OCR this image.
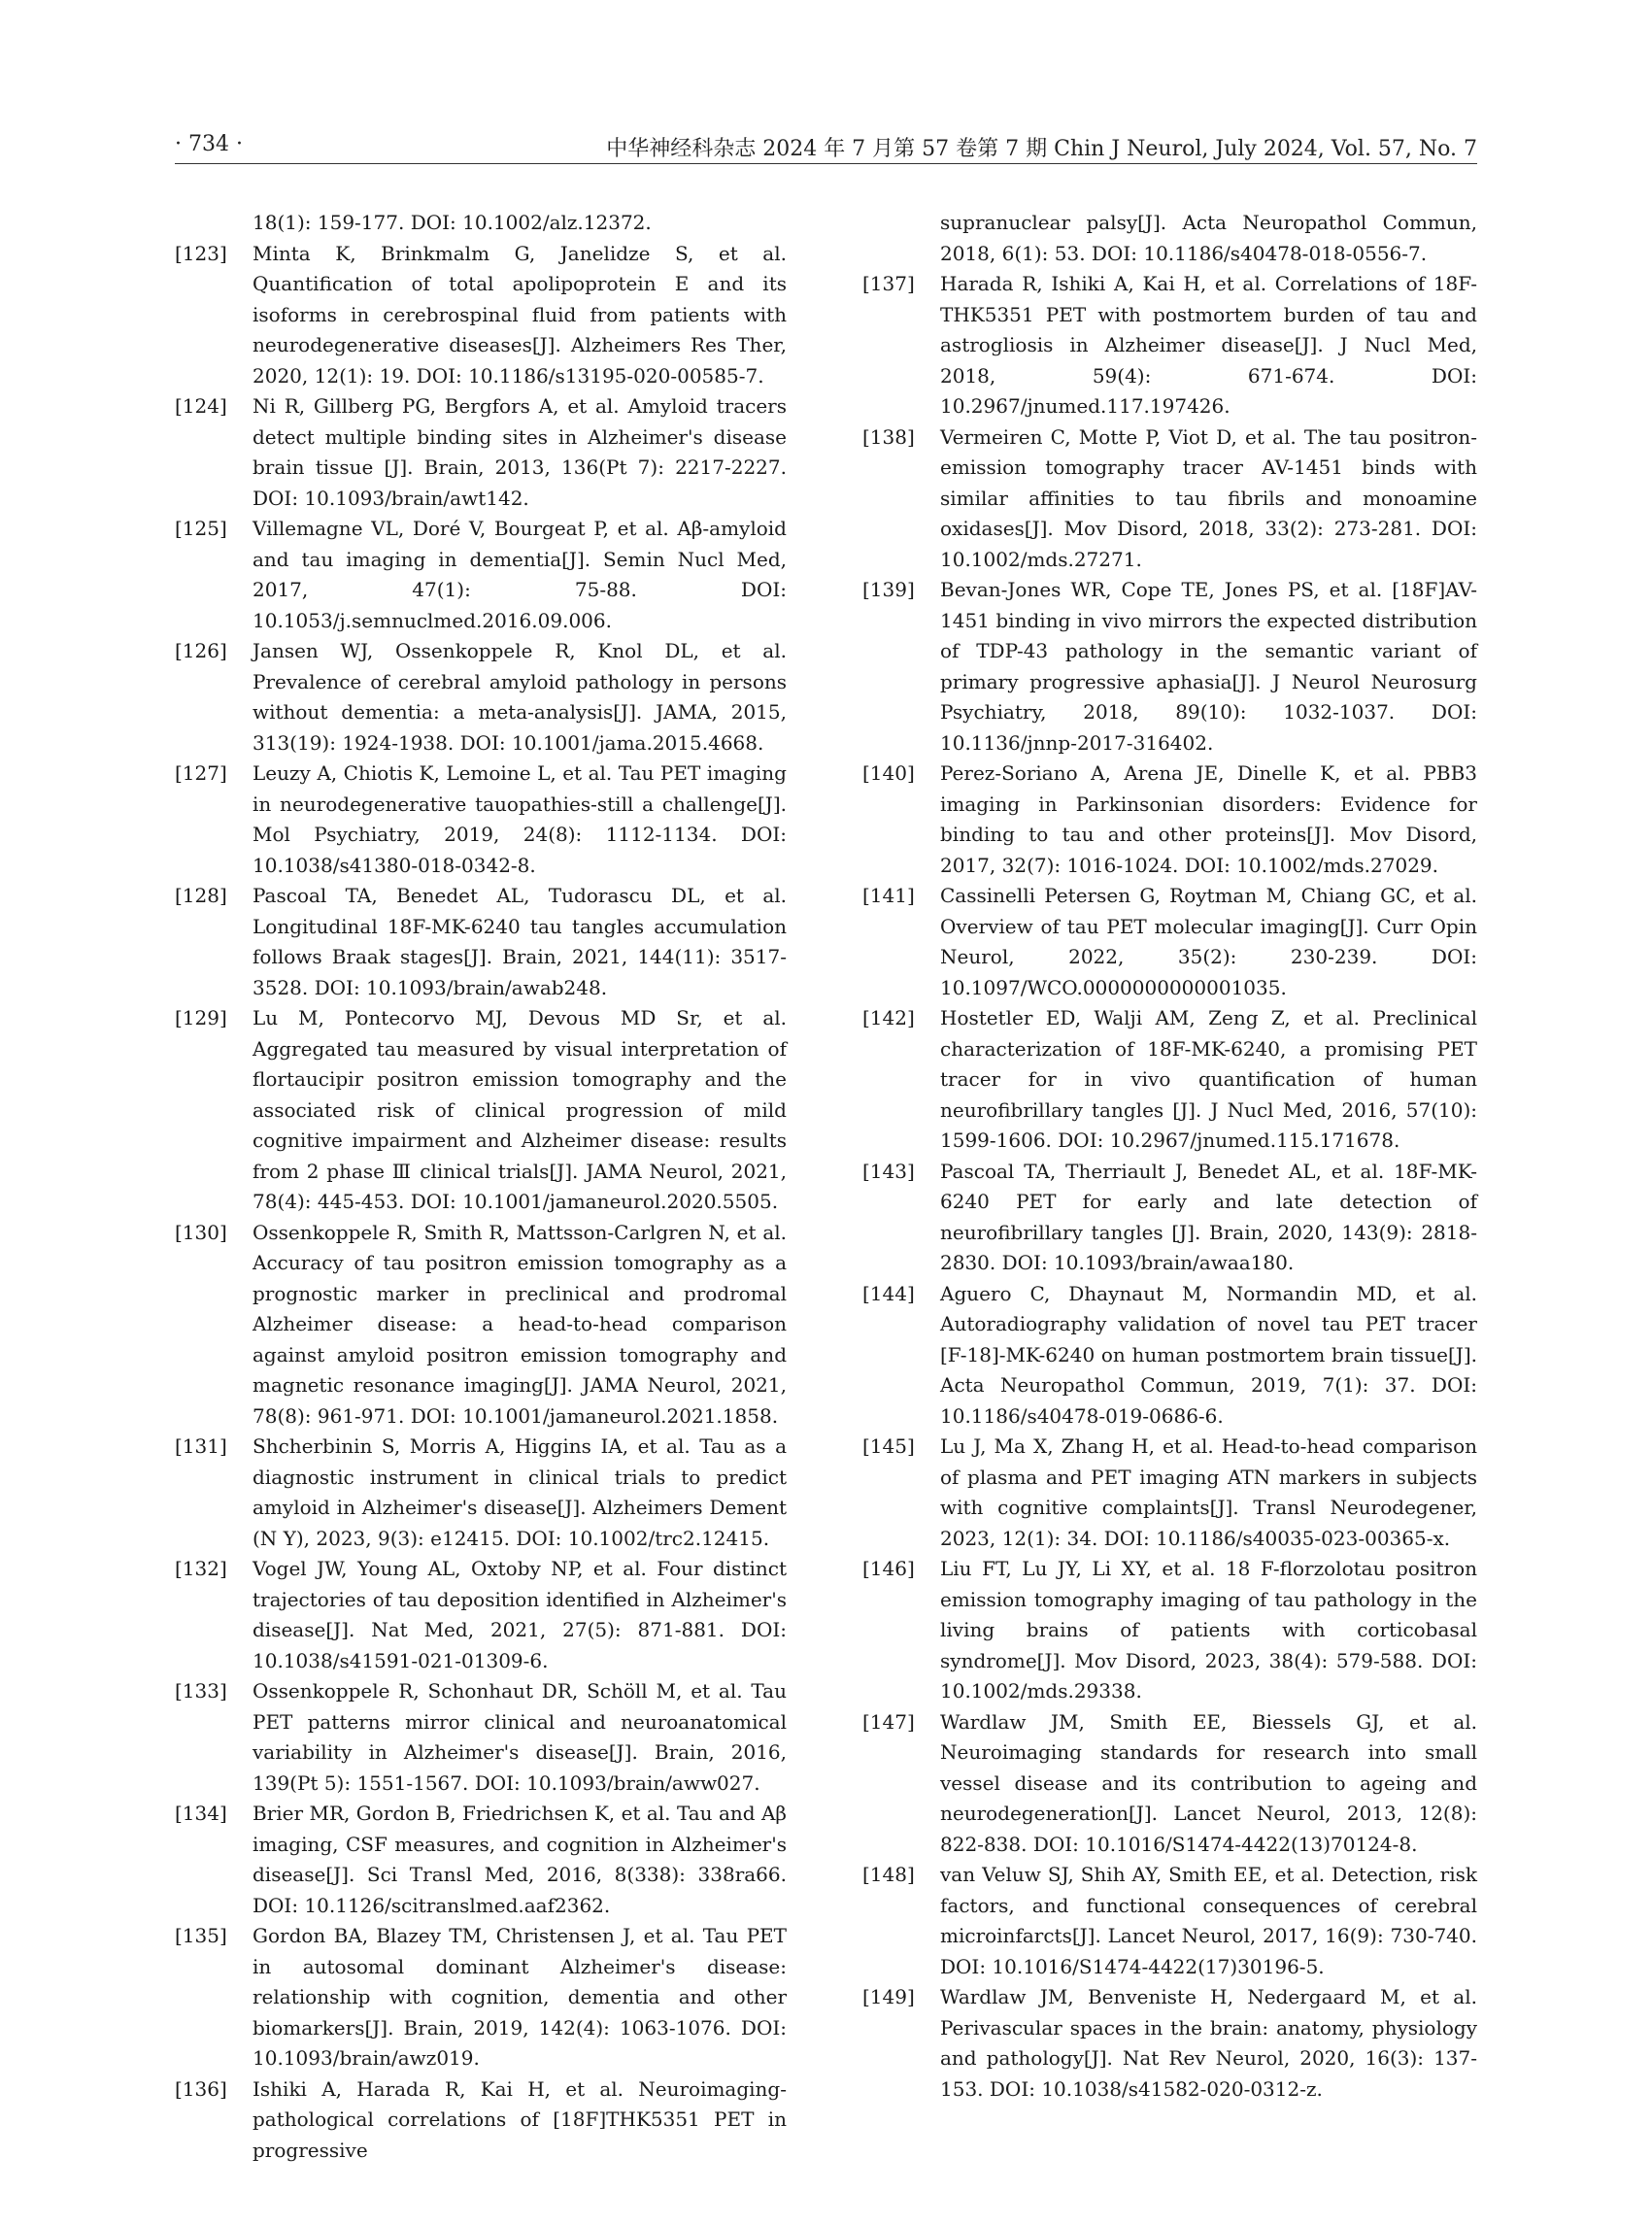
· 734 ·	中华神经科杂志 2024 年 7 月第 57 卷第 7 期 Chin J Neurol, July 2024, Vol. 57, No. 7
18(1): 159-177. DOI: 10.1002/alz.12372.
[123]	Minta K, Brinkmalm G, Janelidze S, et al. Quantification of total apolipoprotein E and its isoforms in cerebrospinal fluid from patients with neurodegenerative diseases[J]. Alzheimers Res Ther, 2020, 12(1): 19. DOI: 10.1186/s13195-020-00585-7.
[124]	Ni R, Gillberg PG, Bergfors A, et al. Amyloid tracers detect multiple binding sites in Alzheimer's disease brain tissue [J]. Brain, 2013, 136(Pt 7): 2217-2227. DOI: 10.1093/brain/awt142.
[125]	Villemagne VL, Doré V, Bourgeat P, et al. Aβ-amyloid and tau imaging in dementia[J]. Semin Nucl Med, 2017, 47(1): 75-88. DOI: 10.1053/j.semnuclmed.2016.09.006.
[126]	Jansen WJ, Ossenkoppele R, Knol DL, et al. Prevalence of cerebral amyloid pathology in persons without dementia: a meta-analysis[J]. JAMA, 2015, 313(19): 1924-1938. DOI: 10.1001/jama.2015.4668.
[127]	Leuzy A, Chiotis K, Lemoine L, et al. Tau PET imaging in neurodegenerative tauopathies-still a challenge[J]. Mol Psychiatry, 2019, 24(8): 1112-1134. DOI: 10.1038/s41380-018-0342-8.
[128]	Pascoal TA, Benedet AL, Tudorascu DL, et al. Longitudinal 18F-MK-6240 tau tangles accumulation follows Braak stages[J]. Brain, 2021, 144(11): 3517-3528. DOI: 10.1093/brain/awab248.
[129]	Lu M, Pontecorvo MJ, Devous MD Sr, et al. Aggregated tau measured by visual interpretation of flortaucipir positron emission tomography and the associated risk of clinical progression of mild cognitive impairment and Alzheimer disease: results from 2 phase Ⅲ clinical trials[J]. JAMA Neurol, 2021, 78(4): 445-453. DOI: 10.1001/jamaneurol.2020.5505.
[130]	Ossenkoppele R, Smith R, Mattsson-Carlgren N, et al. Accuracy of tau positron emission tomography as a prognostic marker in preclinical and prodromal Alzheimer disease: a head-to-head comparison against amyloid positron emission tomography and magnetic resonance imaging[J]. JAMA Neurol, 2021, 78(8): 961-971. DOI: 10.1001/jamaneurol.2021.1858.
[131]	Shcherbinin S, Morris A, Higgins IA, et al. Tau as a diagnostic instrument in clinical trials to predict amyloid in Alzheimer's disease[J]. Alzheimers Dement (N Y), 2023, 9(3): e12415. DOI: 10.1002/trc2.12415.
[132]	Vogel JW, Young AL, Oxtoby NP, et al. Four distinct trajectories of tau deposition identified in Alzheimer's disease[J]. Nat Med, 2021, 27(5): 871-881. DOI: 10.1038/s41591-021-01309-6.
[133]	Ossenkoppele R, Schonhaut DR, Schöll M, et al. Tau PET patterns mirror clinical and neuroanatomical variability in Alzheimer's disease[J]. Brain, 2016, 139(Pt 5): 1551-1567. DOI: 10.1093/brain/aww027.
[134]	Brier MR, Gordon B, Friedrichsen K, et al. Tau and Aβ imaging, CSF measures, and cognition in Alzheimer's disease[J]. Sci Transl Med, 2016, 8(338): 338ra66. DOI: 10.1126/scitranslmed.aaf2362.
[135]	Gordon BA, Blazey TM, Christensen J, et al. Tau PET in autosomal dominant Alzheimer's disease: relationship with cognition, dementia and other biomarkers[J]. Brain, 2019, 142(4): 1063-1076. DOI: 10.1093/brain/awz019.
[136]	Ishiki A, Harada R, Kai H, et al. Neuroimaging-pathological correlations of [18F]THK5351 PET in progressive
supranuclear palsy[J]. Acta Neuropathol Commun, 2018, 6(1): 53. DOI: 10.1186/s40478-018-0556-7.
[137]	Harada R, Ishiki A, Kai H, et al. Correlations of 18F-THK5351 PET with postmortem burden of tau and astrogliosis in Alzheimer disease[J]. J Nucl Med, 2018, 59(4): 671-674. DOI: 10.2967/jnumed.117.197426.
[138]	Vermeiren C, Motte P, Viot D, et al. The tau positron-emission tomography tracer AV-1451 binds with similar affinities to tau fibrils and monoamine oxidases[J]. Mov Disord, 2018, 33(2): 273-281. DOI: 10.1002/mds.27271.
[139]	Bevan-Jones WR, Cope TE, Jones PS, et al. [18F]AV-1451 binding in vivo mirrors the expected distribution of TDP-43 pathology in the semantic variant of primary progressive aphasia[J]. J Neurol Neurosurg Psychiatry, 2018, 89(10): 1032-1037. DOI: 10.1136/jnnp-2017-316402.
[140]	Perez-Soriano A, Arena JE, Dinelle K, et al. PBB3 imaging in Parkinsonian disorders: Evidence for binding to tau and other proteins[J]. Mov Disord, 2017, 32(7): 1016-1024. DOI: 10.1002/mds.27029.
[141]	Cassinelli Petersen G, Roytman M, Chiang GC, et al. Overview of tau PET molecular imaging[J]. Curr Opin Neurol, 2022, 35(2): 230-239. DOI: 10.1097/WCO.0000000000001035.
[142]	Hostetler ED, Walji AM, Zeng Z, et al. Preclinical characterization of 18F-MK-6240, a promising PET tracer for in vivo quantification of human neurofibrillary tangles [J]. J Nucl Med, 2016, 57(10): 1599-1606. DOI: 10.2967/jnumed.115.171678.
[143]	Pascoal TA, Therriault J, Benedet AL, et al. 18F-MK-6240 PET for early and late detection of neurofibrillary tangles [J]. Brain, 2020, 143(9): 2818-2830. DOI: 10.1093/brain/awaa180.
[144]	Aguero C, Dhaynaut M, Normandin MD, et al. Autoradiography validation of novel tau PET tracer [F-18]-MK-6240 on human postmortem brain tissue[J]. Acta Neuropathol Commun, 2019, 7(1): 37. DOI: 10.1186/s40478-019-0686-6.
[145]	Lu J, Ma X, Zhang H, et al. Head-to-head comparison of plasma and PET imaging ATN markers in subjects with cognitive complaints[J]. Transl Neurodegener, 2023, 12(1): 34. DOI: 10.1186/s40035-023-00365-x.
[146]	Liu FT, Lu JY, Li XY, et al. 18 F-florzolotau positron emission tomography imaging of tau pathology in the living brains of patients with corticobasal syndrome[J]. Mov Disord, 2023, 38(4): 579-588. DOI: 10.1002/mds.29338.
[147]	Wardlaw JM, Smith EE, Biessels GJ, et al. Neuroimaging standards for research into small vessel disease and its contribution to ageing and neurodegeneration[J]. Lancet Neurol, 2013, 12(8): 822-838. DOI: 10.1016/S1474-4422(13)70124-8.
[148]	van Veluw SJ, Shih AY, Smith EE, et al. Detection, risk factors, and functional consequences of cerebral microinfarcts[J]. Lancet Neurol, 2017, 16(9): 730-740. DOI: 10.1016/S1474-4422(17)30196-5.
[149]	Wardlaw JM, Benveniste H, Nedergaard M, et al. Perivascular spaces in the brain: anatomy, physiology and pathology[J]. Nat Rev Neurol, 2020, 16(3): 137-153. DOI: 10.1038/s41582-020-0312-z.
